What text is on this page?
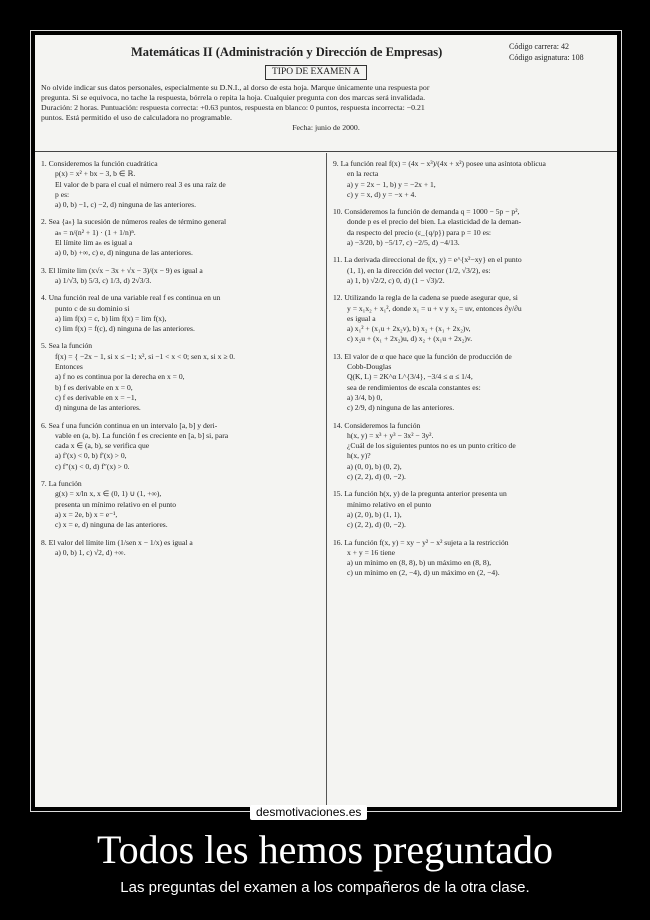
Matemáticas II (Administración y Dirección de Empresas)	Código carrera: 42
Código asignatura: 108
TIPO DE EXAMEN A
No olvide indicar sus datos personales, especialmente su D.N.I., al dorso de esta hoja. Marque únicamente una respuesta por
pregunta. Si se equivoca, no tache la respuesta, bórrela o repita la hoja. Cualquier pregunta con dos marcas será invalidada.
Duración: 2 horas. Puntuación: respuesta correcta: +0.63 puntos, respuesta en blanco: 0 puntos, respuesta incorrecta: −0.21
puntos. Está permitido el uso de calculadora no programable.
Fecha: junio de 2000.
1. Consideremos la función cuadrática
p(x) = x² + bx − 3, b ∈ ℝ.
El valor de b para el cual el número real 3 es una raíz de
p es:
a) 0, b) −1, c) −2, d) ninguna de las anteriores.
2. Sea {aₙ} la sucesión de números reales de término general
aₙ = n/(n² + 1) · (1 + 1/n)ⁿ.
El límite lim aₙ es igual a
a) 0, b) +∞, c) e, d) ninguna de las anteriores.
3. El límite lim (x√x − 3x + √x − 3)/(x − 9) es igual a
a) 1/√3, b) 5/3, c) 1/3, d) 2√3/3.
4. Una función real de una variable real f es continua en un
punto c de su dominio si
a) lim f(x) = c, b) lim f(x) = lim f(x),
c) lim f(x) = f(c), d) ninguna de las anteriores.
5. Sea la función
f(x) = { −2x − 1, si x ≤ −1; x², si −1 < x < 0; sen x, si x ≥ 0.
Entonces
a) f no es continua por la derecha en x = 0,
b) f es derivable en x = 0,
c) f es derivable en x = −1,
d) ninguna de las anteriores.
6. Sea f una función continua en un intervalo [a, b] y deri-
vable en (a, b). La función f es creciente en [a, b] si, para
cada x ∈ (a, b), se verifica que
a) f′(x) < 0, b) f′(x) > 0,
c) f″(x) < 0, d) f″(x) > 0.
7. La función
g(x) = x/ln x, x ∈ (0, 1) ∪ (1, +∞),
presenta un mínimo relativo en el punto
a) x = 2e, b) x = e⁻¹,
c) x = e, d) ninguna de las anteriores.
8. El valor del límite lim (1/sen x − 1/x) es igual a
a) 0, b) 1, c) √2, d) +∞.
9. La función real f(x) = (4x − x³)/(4x + x²) posee una asíntota oblicua
en la recta
a) y = 2x − 1, b) y = −2x + 1,
c) y = x, d) y = −x + 4.
10. Consideremos la función de demanda q = 1000 − 5p − p²,
donde p es el precio del bien. La elasticidad de la deman-
da respecto del precio (ε_{q/p}) para p = 10 es:
a) −3/20, b) −5/17, c) −2/5, d) −4/13.
11. La derivada direccional de f(x, y) = e^{x²−xy} en el punto
(1, 1), en la dirección del vector (1/2, √3/2), es:
a) 1, b) √2/2, c) 0, d) (1 − √3)/2.
12. Utilizando la regla de la cadena se puede asegurar que, si
y = x₁x₂ + x₁², donde x₁ = u + v y x₂ = uv, entonces ∂y/∂u
es igual a
a) x₁² + (x₁u + 2x₂v), b) x₂ + (x₁ + 2x₂)v,
c) x₂u + (x₁ + 2x₂)u, d) x₂ + (x₁u + 2x₂)v.
13. El valor de α que hace que la función de producción de
Cobb-Douglas
Q(K, L) = 2K^α L^{3/4}, −3/4 ≤ α ≤ 1/4,
sea de rendimientos de escala constantes es:
a) 3/4, b) 0,
c) 2/9, d) ninguna de las anteriores.
14. Consideremos la función
h(x, y) = x³ + y³ − 3x² − 3y².
¿Cuál de los siguientes puntos no es un punto crítico de
h(x, y)?
a) (0, 0), b) (0, 2),
c) (2, 2), d) (0, −2).
15. La función h(x, y) de la pregunta anterior presenta un
mínimo relativo en el punto
a) (2, 0), b) (1, 1),
c) (2, 2), d) (0, −2).
16. La función f(x, y) = xy − y² − x² sujeta a la restricción
x + y = 16 tiene
a) un mínimo en (8, 8), b) un máximo en (8, 8),
c) un mínimo en (2, −4), d) un máximo en (2, −4).
desmotivaciones.es
Todos les hemos preguntado
Las preguntas del examen a los compañeros de la otra clase.
